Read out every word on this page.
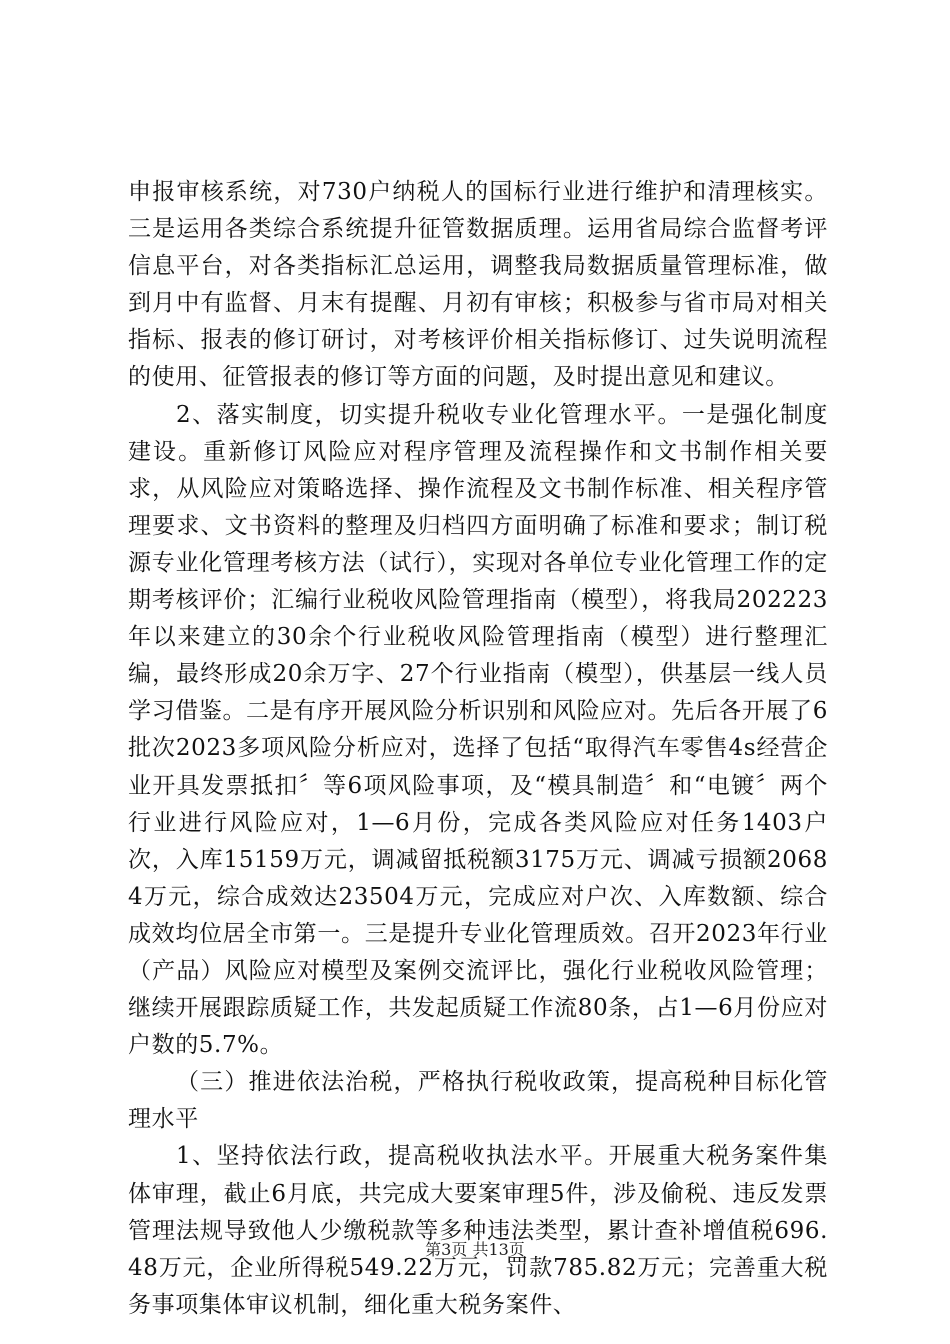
申报审核系统，对730户纳税人的国标行业进行维护和清理核实。三是运用各类综合系统提升征管数据质理。运用省局综合监督考评信息平台，对各类指标汇总运用，调整我局数据质量管理标准，做到月中有监督、月末有提醒、月初有审核；积极参与省市局对相关指标、报表的修订研讨，对考核评价相关指标修订、过失说明流程的使用、征管报表的修订等方面的问题，及时提出意见和建议。

2、落实制度，切实提升税收专业化管理水平。一是强化制度建设。重新修订风险应对程序管理及流程操作和文书制作相关要求，从风险应对策略选择、操作流程及文书制作标准、相关程序管理要求、文书资料的整理及归档四方面明确了标准和要求；制订税源专业化管理考核方法（试行），实现对各单位专业化管理工作的定期考核评价；汇编行业税收风险管理指南（模型），将我局202223年以来建立的30余个行业税收风险管理指南（模型）进行整理汇编，最终形成20余万字、27个行业指南（模型），供基层一线人员学习借鉴。二是有序开展风险分析识别和风险应对。先后各开展了6批次2023多项风险分析应对，选择了包括“取得汽车零售4s经营企业开具发票抵扣〞等6项风险事项，及“模具制造〞和“电镀〞两个行业进行风险应对，1—6月份，完成各类风险应对任务1403户次，入库15159万元，调减留抵税额3175万元、调减亏损额20684万元，综合成效达23504万元，完成应对户次、入库数额、综合成效均位居全市第一。三是提升专业化管理质效。召开2023年行业（产品）风险应对模型及案例交流评比，强化行业税收风险管理；继续开展跟踪质疑工作，共发起质疑工作流80条，占1—6月份应对户数的5.7%。

（三）推进依法治税，严格执行税收政策，提高税种目标化管理水平

1、坚持依法行政，提高税收执法水平。开展重大税务案件集体审理，截止6月底，共完成大要案审理5件，涉及偷税、违反发票管理法规导致他人少缴税款等多种违法类型，累计查补增值税696.48万元，企业所得税549.22万元，罚款785.82万元；完善重大税务事项集体审议机制，细化重大税务案件、

第3页 共13页
